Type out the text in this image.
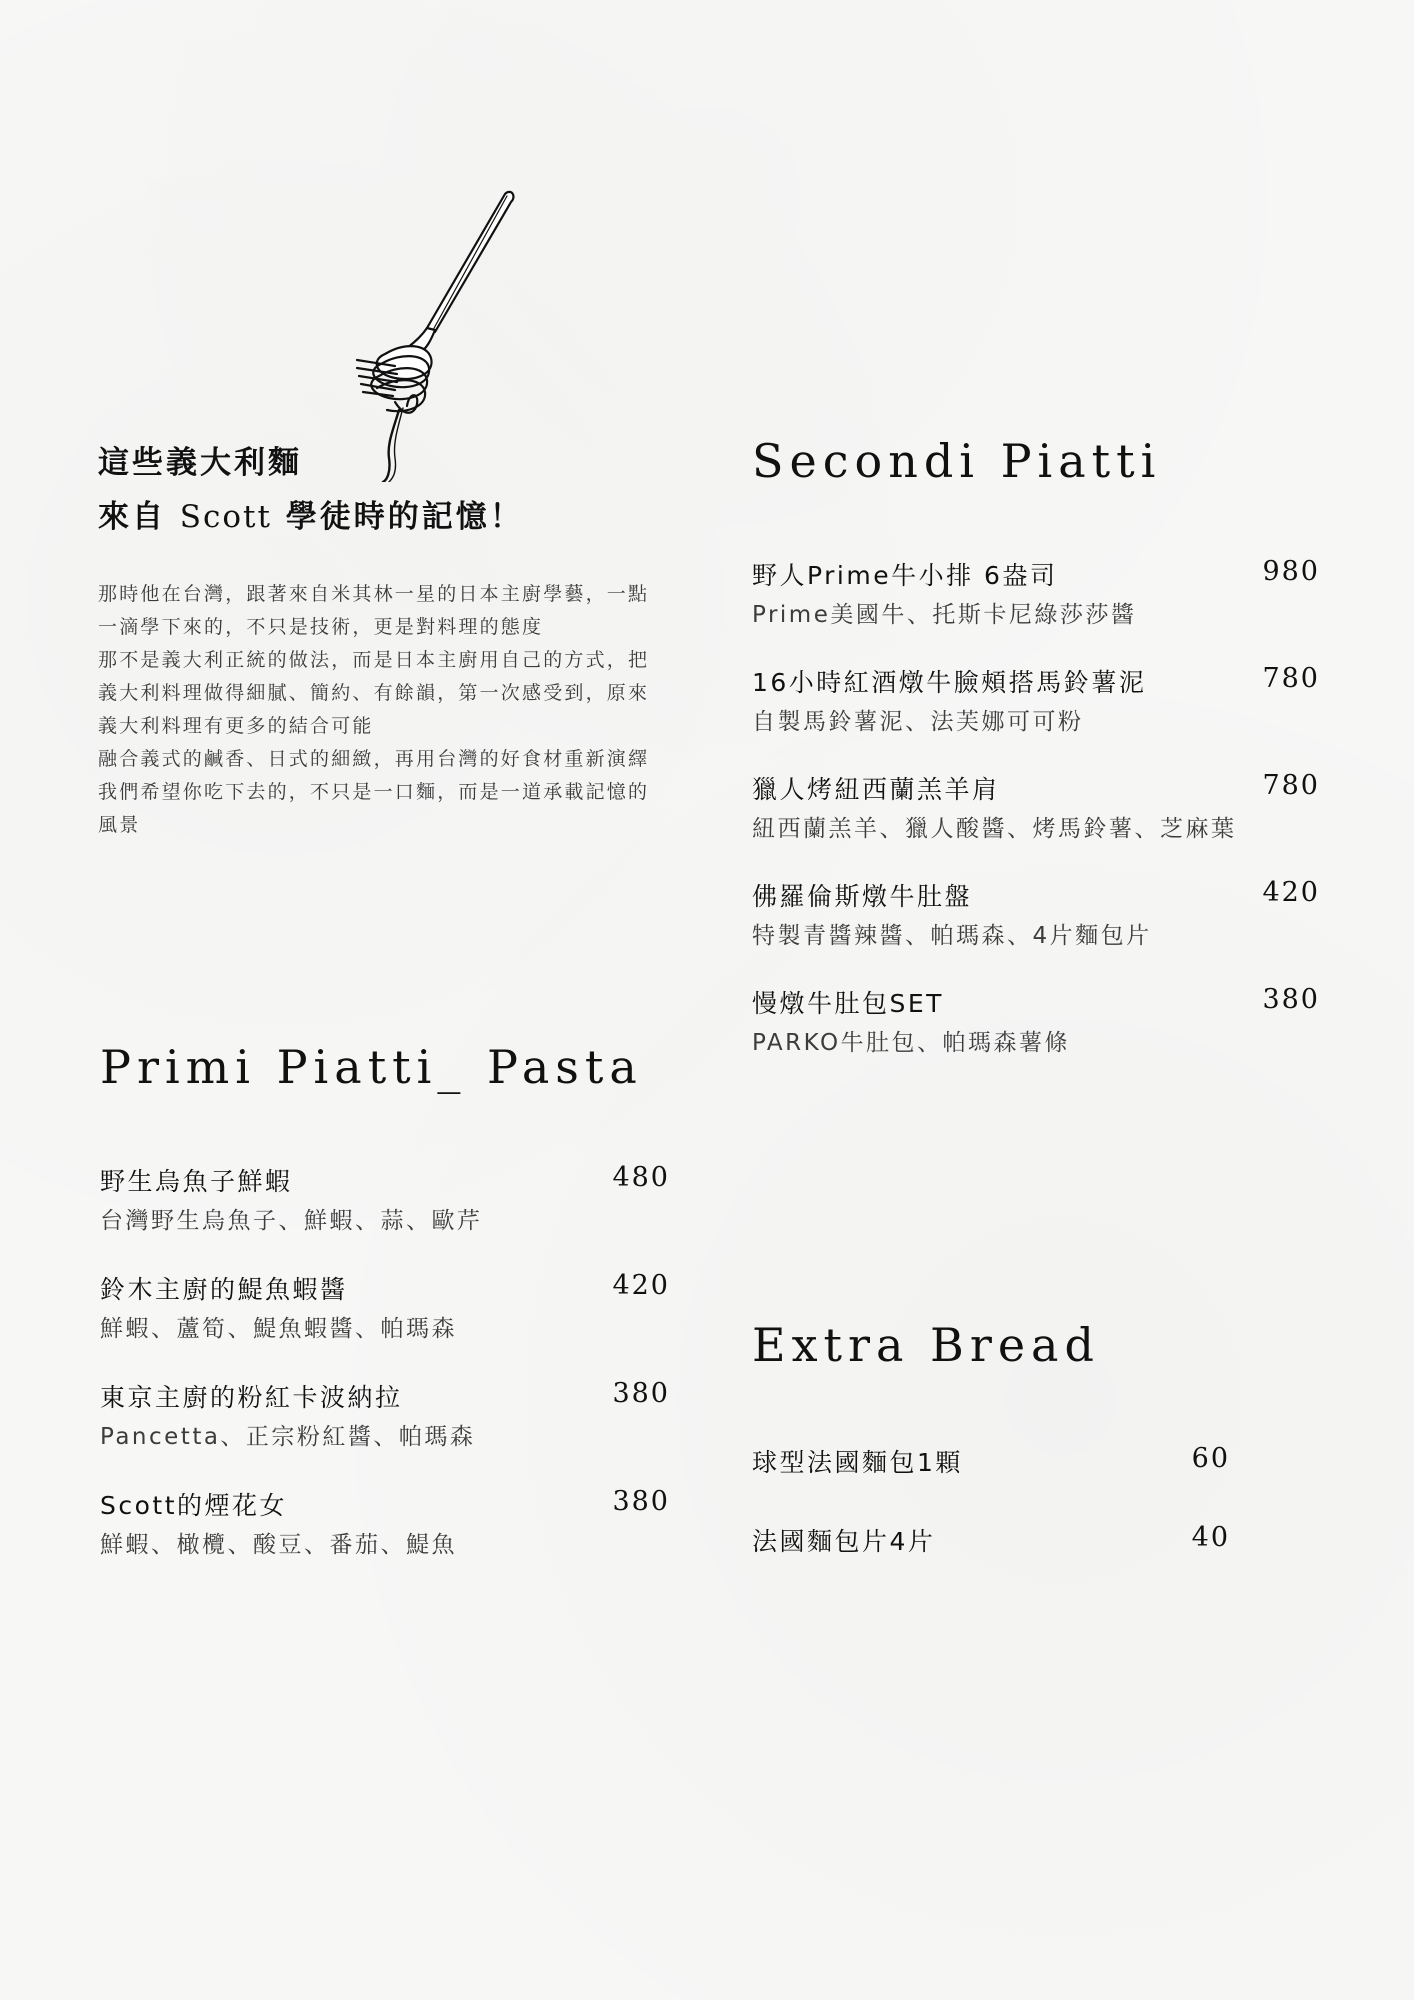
這些義大利麵
來自 Scott 學徒時的記憶！

那時他在台灣，跟著來自米其林一星的日本主廚學藝，一點一滴學下來的，不只是技術，更是對料理的態度

那不是義大利正統的做法，而是日本主廚用自己的方式，把義大利料理做得細膩、簡約、有餘韻，第一次感受到，原來義大利料理有更多的結合可能

融合義式的鹹香、日式的細緻，再用台灣的好食材重新演繹

我們希望你吃下去的，不只是一口麵，而是一道承載記憶的風景

Primi Piatti_ Pasta
野生烏魚子鮮蝦
台灣野生烏魚子、鮮蝦、蒜、歐芹
480
鈴木主廚的鯷魚蝦醬
鮮蝦、蘆筍、鯷魚蝦醬、帕瑪森
420
東京主廚的粉紅卡波納拉
Pancetta、正宗粉紅醬、帕瑪森
380
Scott的煙花女
鮮蝦、橄欖、酸豆、番茄、鯷魚
380
Secondi Piatti
野人Prime牛小排 6盎司
Prime美國牛、托斯卡尼綠莎莎醬
980
16小時紅酒燉牛臉頰搭馬鈴薯泥
自製馬鈴薯泥、法芙娜可可粉
780
獵人烤紐西蘭羔羊肩
紐西蘭羔羊、獵人酸醬、烤馬鈴薯、芝麻葉
780
佛羅倫斯燉牛肚盤
特製青醬辣醬、帕瑪森、4片麵包片
420
慢燉牛肚包SET
PARKO牛肚包、帕瑪森薯條
380
Extra Bread
球型法國麵包1顆	60
法國麵包片4片	40
